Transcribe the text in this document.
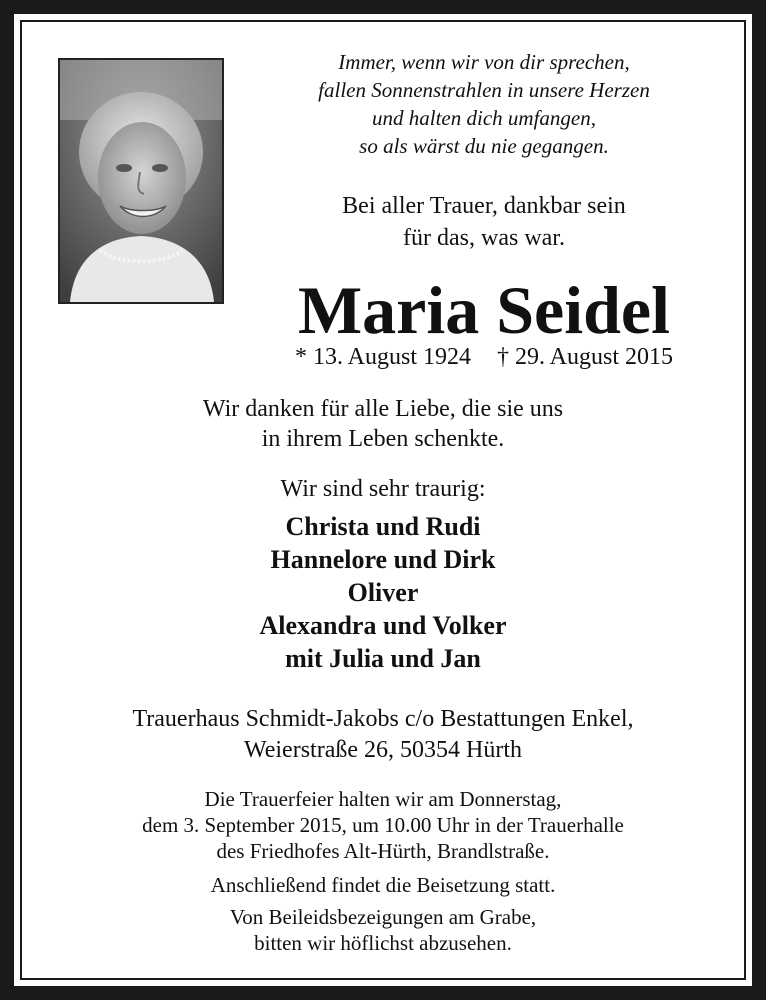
Immer, wenn wir von dir sprechen,
fallen Sonnenstrahlen in unsere Herzen
und halten dich umfangen,
so als wärst du nie gegangen.
Bei aller Trauer, dankbar sein
für das, was war.
Maria Seidel
* 13. August 1924 † 29. August 2015
Wir danken für alle Liebe, die sie uns
in ihrem Leben schenkte.
Wir sind sehr traurig:
Christa und Rudi
Hannelore und Dirk
Oliver
Alexandra und Volker
mit Julia und Jan
Trauerhaus Schmidt-Jakobs c/o Bestattungen Enkel,
Weierstraße 26, 50354 Hürth
Die Trauerfeier halten wir am Donnerstag,
dem 3. September 2015, um 10.00 Uhr in der Trauerhalle
des Friedhofes Alt-Hürth, Brandlstraße.
Anschließend findet die Beisetzung statt.
Von Beileidsbezeigungen am Grabe,
bitten wir höflichst abzusehen.
